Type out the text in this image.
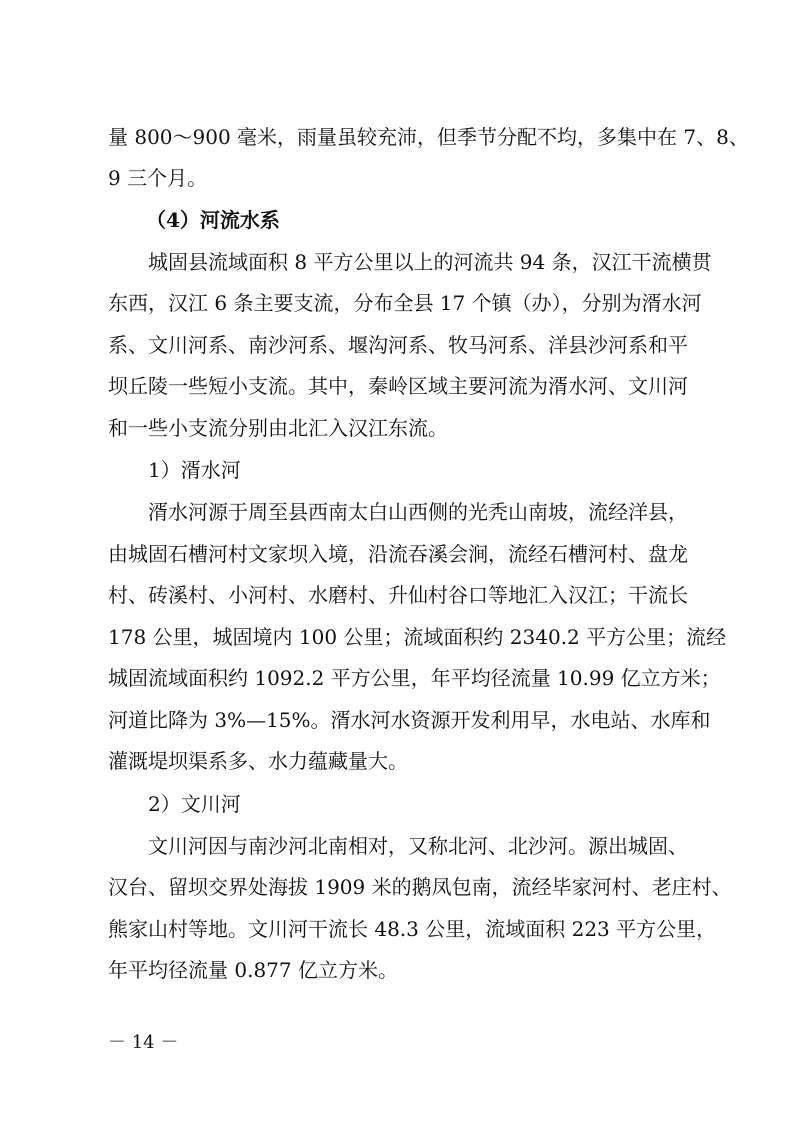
量 800～900 毫米，雨量虽较充沛，但季节分配不均，多集中在 7、8、
9 三个月。
（4）河流水系
城固县流域面积 8 平方公里以上的河流共 94 条，汉江干流横贯
东西，汉江 6 条主要支流，分布全县 17 个镇（办），分别为湑水河
系、文川河系、南沙河系、堰沟河系、牧马河系、洋县沙河系和平
坝丘陵一些短小支流。其中，秦岭区域主要河流为湑水河、文川河
和一些小支流分别由北汇入汉江东流。
1）湑水河
湑水河源于周至县西南太白山西侧的光秃山南坡，流经洋县，
由城固石槽河村文家坝入境，沿流吞溪会涧，流经石槽河村、盘龙
村、砖溪村、小河村、水磨村、升仙村谷口等地汇入汉江；干流长
178 公里，城固境内 100 公里；流域面积约 2340.2 平方公里；流经
城固流域面积约 1092.2 平方公里，年平均径流量 10.99 亿立方米；
河道比降为 3%—15%。湑水河水资源开发利用早，水电站、水库和
灌溉堤坝渠系多、水力蕴藏量大。
2）文川河
文川河因与南沙河北南相对，又称北河、北沙河。源出城固、
汉台、留坝交界处海拔 1909 米的鹅凤包南，流经毕家河村、老庄村、
熊家山村等地。文川河干流长 48.3 公里，流域面积 223 平方公里，
年平均径流量 0.877 亿立方米。
－ 14 －
